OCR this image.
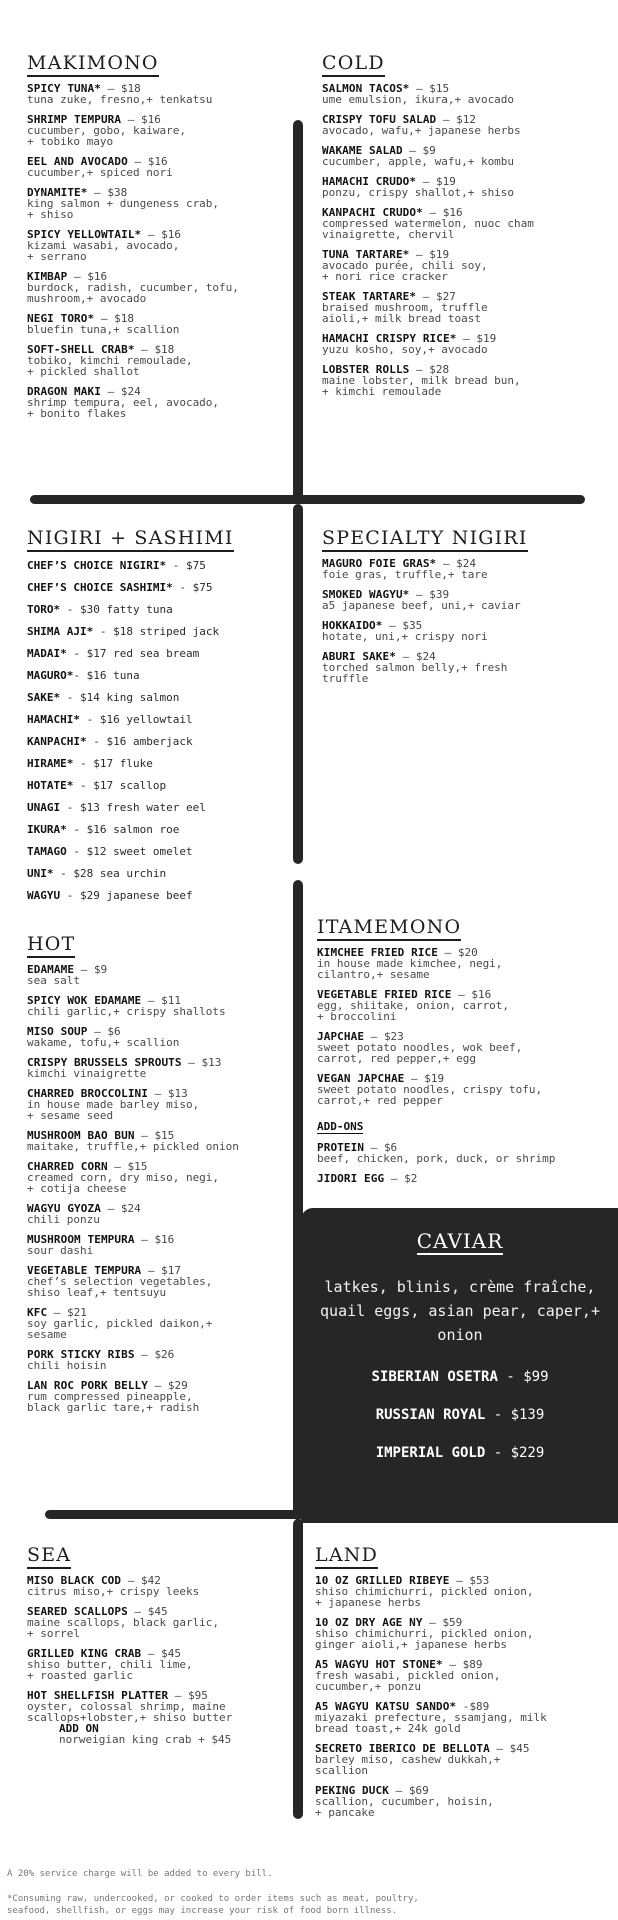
MAKIMONO
SPICY TUNA* – $18
tuna zuke, fresno,+ tenkatsu
SHRIMP TEMPURA – $16
cucumber, gobo, kaiware,
+ tobiko mayo
EEL AND AVOCADO – $16
cucumber,+ spiced nori
DYNAMITE* – $38
king salmon + dungeness crab,
+ shiso
SPICY YELLOWTAIL* – $16
kizami wasabi, avocado,
+ serrano
KIMBAP – $16
burdock, radish, cucumber, tofu,
mushroom,+ avocado
NEGI TORO* – $18
bluefin tuna,+ scallion
SOFT-SHELL CRAB* – $18
tobiko, kimchi remoulade,
+ pickled shallot
DRAGON MAKI – $24
shrimp tempura, eel, avocado,
+ bonito flakes
COLD
SALMON TACOS* – $15
ume emulsion, ikura,+ avocado
CRISPY TOFU SALAD – $12
avocado, wafu,+ japanese herbs
WAKAME SALAD – $9
cucumber, apple, wafu,+ kombu
HAMACHI CRUDO* – $19
ponzu, crispy shallot,+ shiso
KANPACHI CRUDO* – $16
compressed watermelon, nuoc cham
vinaigrette, chervil
TUNA TARTARE* – $19
avocado purée, chili soy,
+ nori rice cracker
STEAK TARTARE* – $27
braised mushroom, truffle
aioli,+ milk bread toast
HAMACHI CRISPY RICE* – $19
yuzu kosho, soy,+ avocado
LOBSTER ROLLS – $28
maine lobster, milk bread bun,
+ kimchi remoulade
NIGIRI + SASHIMI
CHEF’S CHOICE NIGIRI* - $75
CHEF’S CHOICE SASHIMI* - $75
TORO* - $30 fatty tuna
SHIMA AJI* - $18 striped jack
MADAI* - $17 red sea bream
MAGURO*- $16 tuna
SAKE* - $14 king salmon
HAMACHI* - $16 yellowtail
KANPACHI* - $16 amberjack
HIRAME* - $17 fluke
HOTATE* - $17 scallop
UNAGI - $13 fresh water eel
IKURA* - $16 salmon roe
TAMAGO - $12 sweet omelet
UNI* - $28 sea urchin
WAGYU - $29 japanese beef
SPECIALTY NIGIRI
MAGURO FOIE GRAS* – $24
foie gras, truffle,+ tare
SMOKED WAGYU* – $39
a5 japanese beef, uni,+ caviar
HOKKAIDO* – $35
hotate, uni,+ crispy nori
ABURI SAKE* – $24
torched salmon belly,+ fresh
truffle
HOT
EDAMAME – $9
sea salt
SPICY WOK EDAMAME – $11
chili garlic,+ crispy shallots
MISO SOUP – $6
wakame, tofu,+ scallion
CRISPY BRUSSELS SPROUTS – $13
kimchi vinaigrette
CHARRED BROCCOLINI – $13
in house made barley miso,
+ sesame seed
MUSHROOM BAO BUN – $15
maitake, truffle,+ pickled onion
CHARRED CORN – $15
creamed corn, dry miso, negi,
+ cotija cheese
WAGYU GYOZA – $24
chili ponzu
MUSHROOM TEMPURA – $16
sour dashi
VEGETABLE TEMPURA – $17
chef’s selection vegetables,
shiso leaf,+ tentsuyu
KFC – $21
soy garlic, pickled daikon,+
sesame
PORK STICKY RIBS – $26
chili hoisin
LAN ROC PORK BELLY – $29
rum compressed pineapple,
black garlic tare,+ radish
ITAMEMONO
KIMCHEE FRIED RICE – $20
in house made kimchee, negi,
cilantro,+ sesame
VEGETABLE FRIED RICE – $16
egg, shiitake, onion, carrot,
+ broccolini
JAPCHAE – $23
sweet potato noodles, wok beef,
carrot, red pepper,+ egg
VEGAN JAPCHAE – $19
sweet potato noodles, crispy tofu,
carrot,+ red pepper
ADD-ONS
PROTEIN – $6
beef, chicken, pork, duck, or shrimp
JIDORI EGG – $2
CAVIAR
latkes, blinis, crème fraîche, quail eggs, asian pear, caper,+ onion
SIBERIAN OSETRA - $99
RUSSIAN ROYAL - $139
IMPERIAL GOLD - $229
SEA
MISO BLACK COD – $42
citrus miso,+ crispy leeks
SEARED SCALLOPS – $45
maine scallops, black garlic,
+ sorrel
GRILLED KING CRAB – $45
shiso butter, chili lime,
+ roasted garlic
HOT SHELLFISH PLATTER – $95
oyster, colossal shrimp, maine
scallops+lobster,+ shiso butter
ADD ON
norweigian king crab + $45
LAND
10 OZ GRILLED RIBEYE – $53
shiso chimichurri, pickled onion,
+ japanese herbs
10 OZ DRY AGE NY – $59
shiso chimichurri, pickled onion,
ginger aioli,+ japanese herbs
A5 WAGYU HOT STONE* – $89
fresh wasabi, pickled onion,
cucumber,+ ponzu
A5 WAGYU KATSU SANDO* -$89
miyazaki prefecture, ssamjang, milk
bread toast,+ 24k gold
SECRETO IBERICO DE BELLOTA – $45
barley miso, cashew dukkah,+
scallion
PEKING DUCK – $69
scallion, cucumber, hoisin,
+ pancake
A 20% service charge will be added to every bill.
*Consuming raw, undercooked, or cooked to order items such as meat, poultry,
seafood, shellfish, or eggs may increase your risk of food born illness.
